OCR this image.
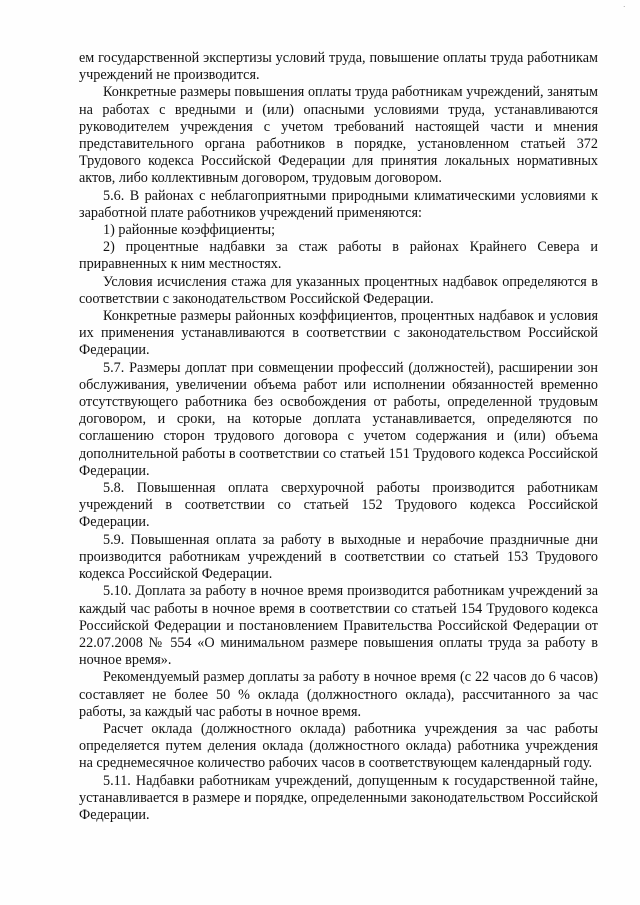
˙

ем государственной экспертизы условий труда, повышение оплаты труда работникам учреждений не производится.

Конкретные размеры повышения оплаты труда работникам учреждений, занятым на работах с вредными и (или) опасными условиями труда, устанавливаются руководителем учреждения с учетом требований настоящей части и мнения представительного органа работников в порядке, установленном статьей 372 Трудового кодекса Российской Федерации для принятия локальных нормативных актов, либо коллективным договором, трудовым договором.

5.6. В районах с неблагоприятными природными климатическими условиями к заработной плате работников учреждений применяются:

1) районные коэффициенты;

2) процентные надбавки за стаж работы в районах Крайнего Севера и приравненных к ним местностях.

Условия исчисления стажа для указанных процентных надбавок определяются в соответствии с законодательством Российской Федерации.

Конкретные размеры районных коэффициентов, процентных надбавок и условия их применения устанавливаются в соответствии с законодательством Российской Федерации.

5.7. Размеры доплат при совмещении профессий (должностей), расширении зон обслуживания, увеличении объема работ или исполнении обязанностей временно отсутствующего работника без освобождения от работы, определенной трудовым договором, и сроки, на которые доплата устанавливается, определяются по соглашению сторон трудового договора с учетом содержания и (или) объема дополнительной работы в соответствии со статьей 151 Трудового кодекса Российской Федерации.

5.8. Повышенная оплата сверхурочной работы производится работникам учреждений в соответствии со статьей 152 Трудового кодекса Российской Федерации.

5.9. Повышенная оплата за работу в выходные и нерабочие праздничные дни производится работникам учреждений в соответствии со статьей 153 Трудового кодекса Российской Федерации.

5.10. Доплата за работу в ночное время производится работникам учреждений за каждый час работы в ночное время в соответствии со статьей 154 Трудового кодекса Российской Федерации и постановлением Правительства Российской Федерации от 22.07.2008 № 554 «О минимальном размере повышения оплаты труда за работу в ночное время».

Рекомендуемый размер доплаты за работу в ночное время (с 22 часов до 6 часов) составляет не более 50 % оклада (должностного оклада), рассчитанного за час работы, за каждый час работы в ночное время.

Расчет оклада (должностного оклада) работника учреждения за час работы определяется путем деления оклада (должностного оклада) работника учреждения на среднемесячное количество рабочих часов в соответствующем календарный году.

5.11. Надбавки работникам учреждений, допущенным к государственной тайне, устанавливается в размере и порядке, определенными законодательством Российской Федерации.
